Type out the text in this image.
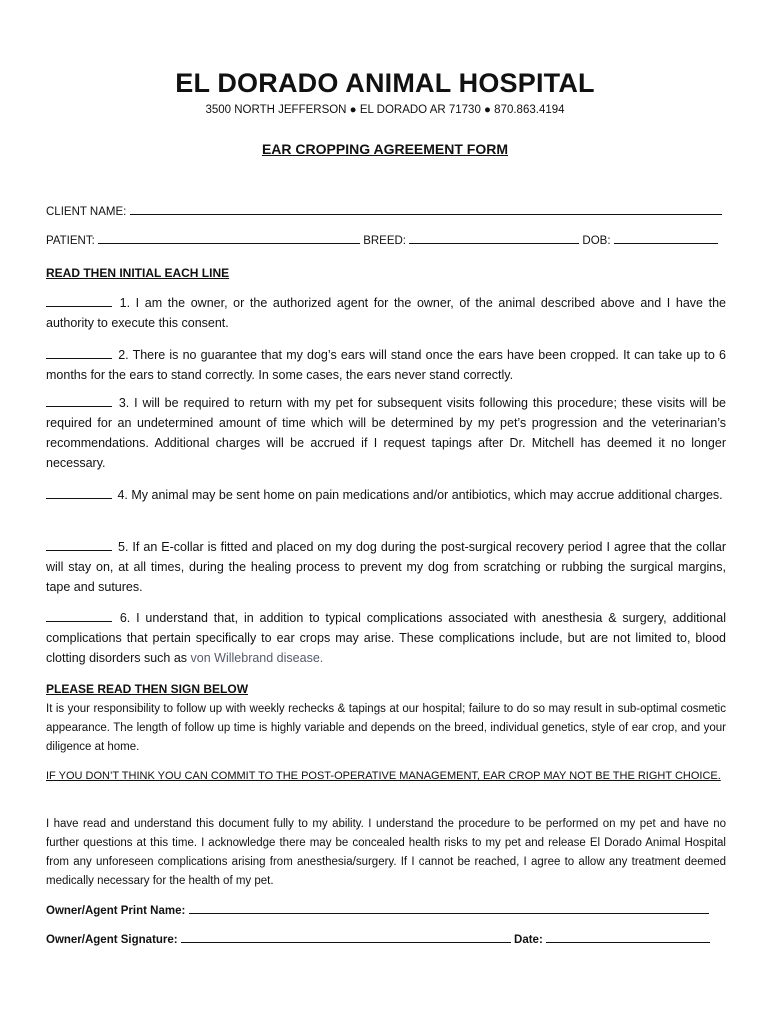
EL DORADO ANIMAL HOSPITAL
3500 NORTH JEFFERSON ● EL DORADO AR 71730 ● 870.863.4194
EAR CROPPING AGREEMENT FORM
CLIENT NAME:
PATIENT:	BREED:	DOB:
READ THEN INITIAL EACH LINE
1. I am the owner, or the authorized agent for the owner, of the animal described above and I have the authority to execute this consent.
2. There is no guarantee that my dog’s ears will stand once the ears have been cropped. It can take up to 6 months for the ears to stand correctly. In some cases, the ears never stand correctly.
3. I will be required to return with my pet for subsequent visits following this procedure; these visits will be required for an undetermined amount of time which will be determined by my pet’s progression and the veterinarian’s recommendations. Additional charges will be accrued if I request tapings after Dr. Mitchell has deemed it no longer necessary.
4. My animal may be sent home on pain medications and/or antibiotics, which may accrue additional charges.
5. If an E-collar is fitted and placed on my dog during the post-surgical recovery period I agree that the collar will stay on, at all times, during the healing process to prevent my dog from scratching or rubbing the surgical margins, tape and sutures.
6. I understand that, in addition to typical complications associated with anesthesia & surgery, additional complications that pertain specifically to ear crops may arise. These complications include, but are not limited to, blood clotting disorders such as von Willebrand disease.
PLEASE READ THEN SIGN BELOW
It is your responsibility to follow up with weekly rechecks & tapings at our hospital; failure to do so may result in sub-optimal cosmetic appearance. The length of follow up time is highly variable and depends on the breed, individual genetics, style of ear crop, and your diligence at home.
IF YOU DON’T THINK YOU CAN COMMIT TO THE POST-OPERATIVE MANAGEMENT, EAR CROP MAY NOT BE THE RIGHT CHOICE.
I have read and understand this document fully to my ability. I understand the procedure to be performed on my pet and have no further questions at this time. I acknowledge there may be concealed health risks to my pet and release El Dorado Animal Hospital from any unforeseen complications arising from anesthesia/surgery. If I cannot be reached, I agree to allow any treatment deemed medically necessary for the health of my pet.
Owner/Agent Print Name:
Owner/Agent Signature:	Date:
